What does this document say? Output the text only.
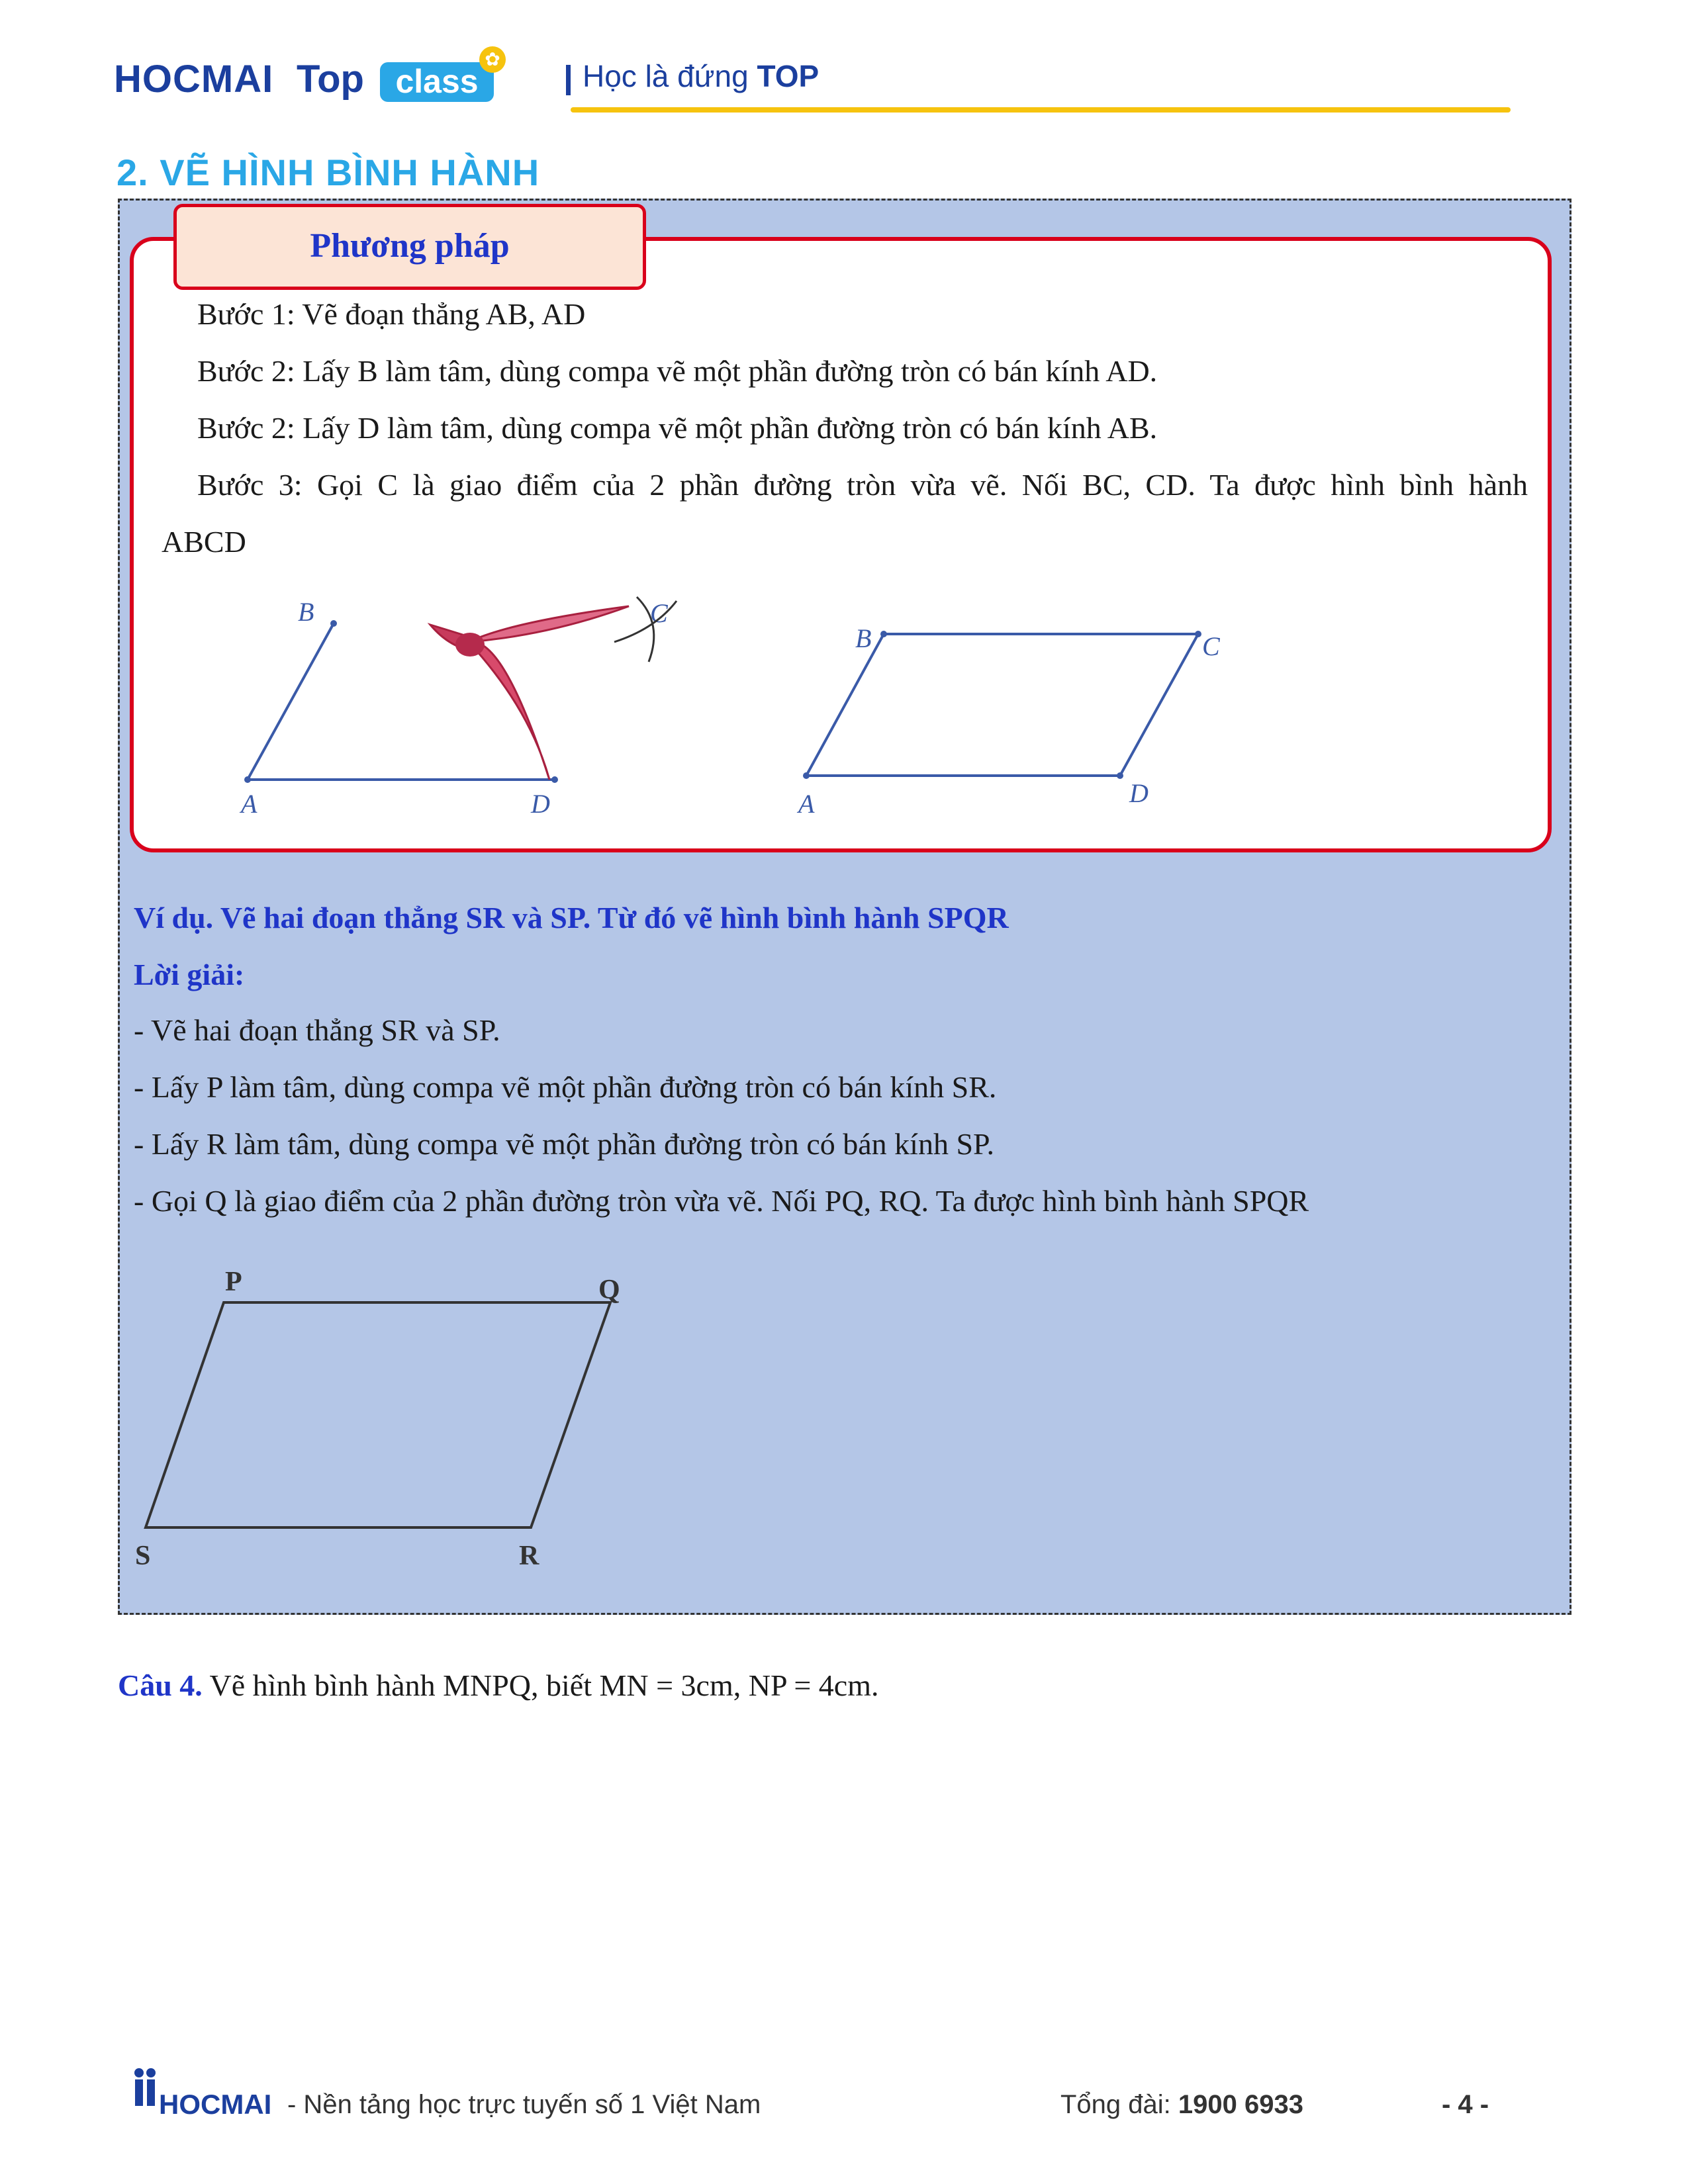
HOCMAI Top class
✿	Học là đứng TOP
2. VẼ HÌNH BÌNH HÀNH
Phương pháp
Bước 1: Vẽ đoạn thẳng AB, AD
Bước 2: Lấy B làm tâm, dùng compa vẽ một phần đường tròn có bán kính AD.
Bước 2: Lấy D làm tâm, dùng compa vẽ một phần đường tròn có bán kính AB.
Bước 3: Gọi C là giao điểm của 2 phần đường tròn vừa vẽ. Nối BC, CD. Ta được hình bình hành
ABCD
B
A	D
C
B	C
A	D
Ví dụ. Vẽ hai đoạn thẳng SR và SP. Từ đó vẽ hình bình hành SPQR
Lời giải:
- Vẽ hai đoạn thẳng SR và SP.
- Lấy P làm tâm, dùng compa vẽ một phần đường tròn có bán kính SR.
- Lấy R làm tâm, dùng compa vẽ một phần đường tròn có bán kính SP.
- Gọi Q là giao điểm của 2 phần đường tròn vừa vẽ. Nối PQ, RQ. Ta được hình bình hành SPQR
P	Q
S	R
Câu 4. Vẽ hình bình hành MNPQ, biết MN = 3cm, NP = 4cm.
HOCMAI - Nền tảng học trực tuyến số 1 Việt Nam	Tổng đài: 1900 6933	- 4 -
